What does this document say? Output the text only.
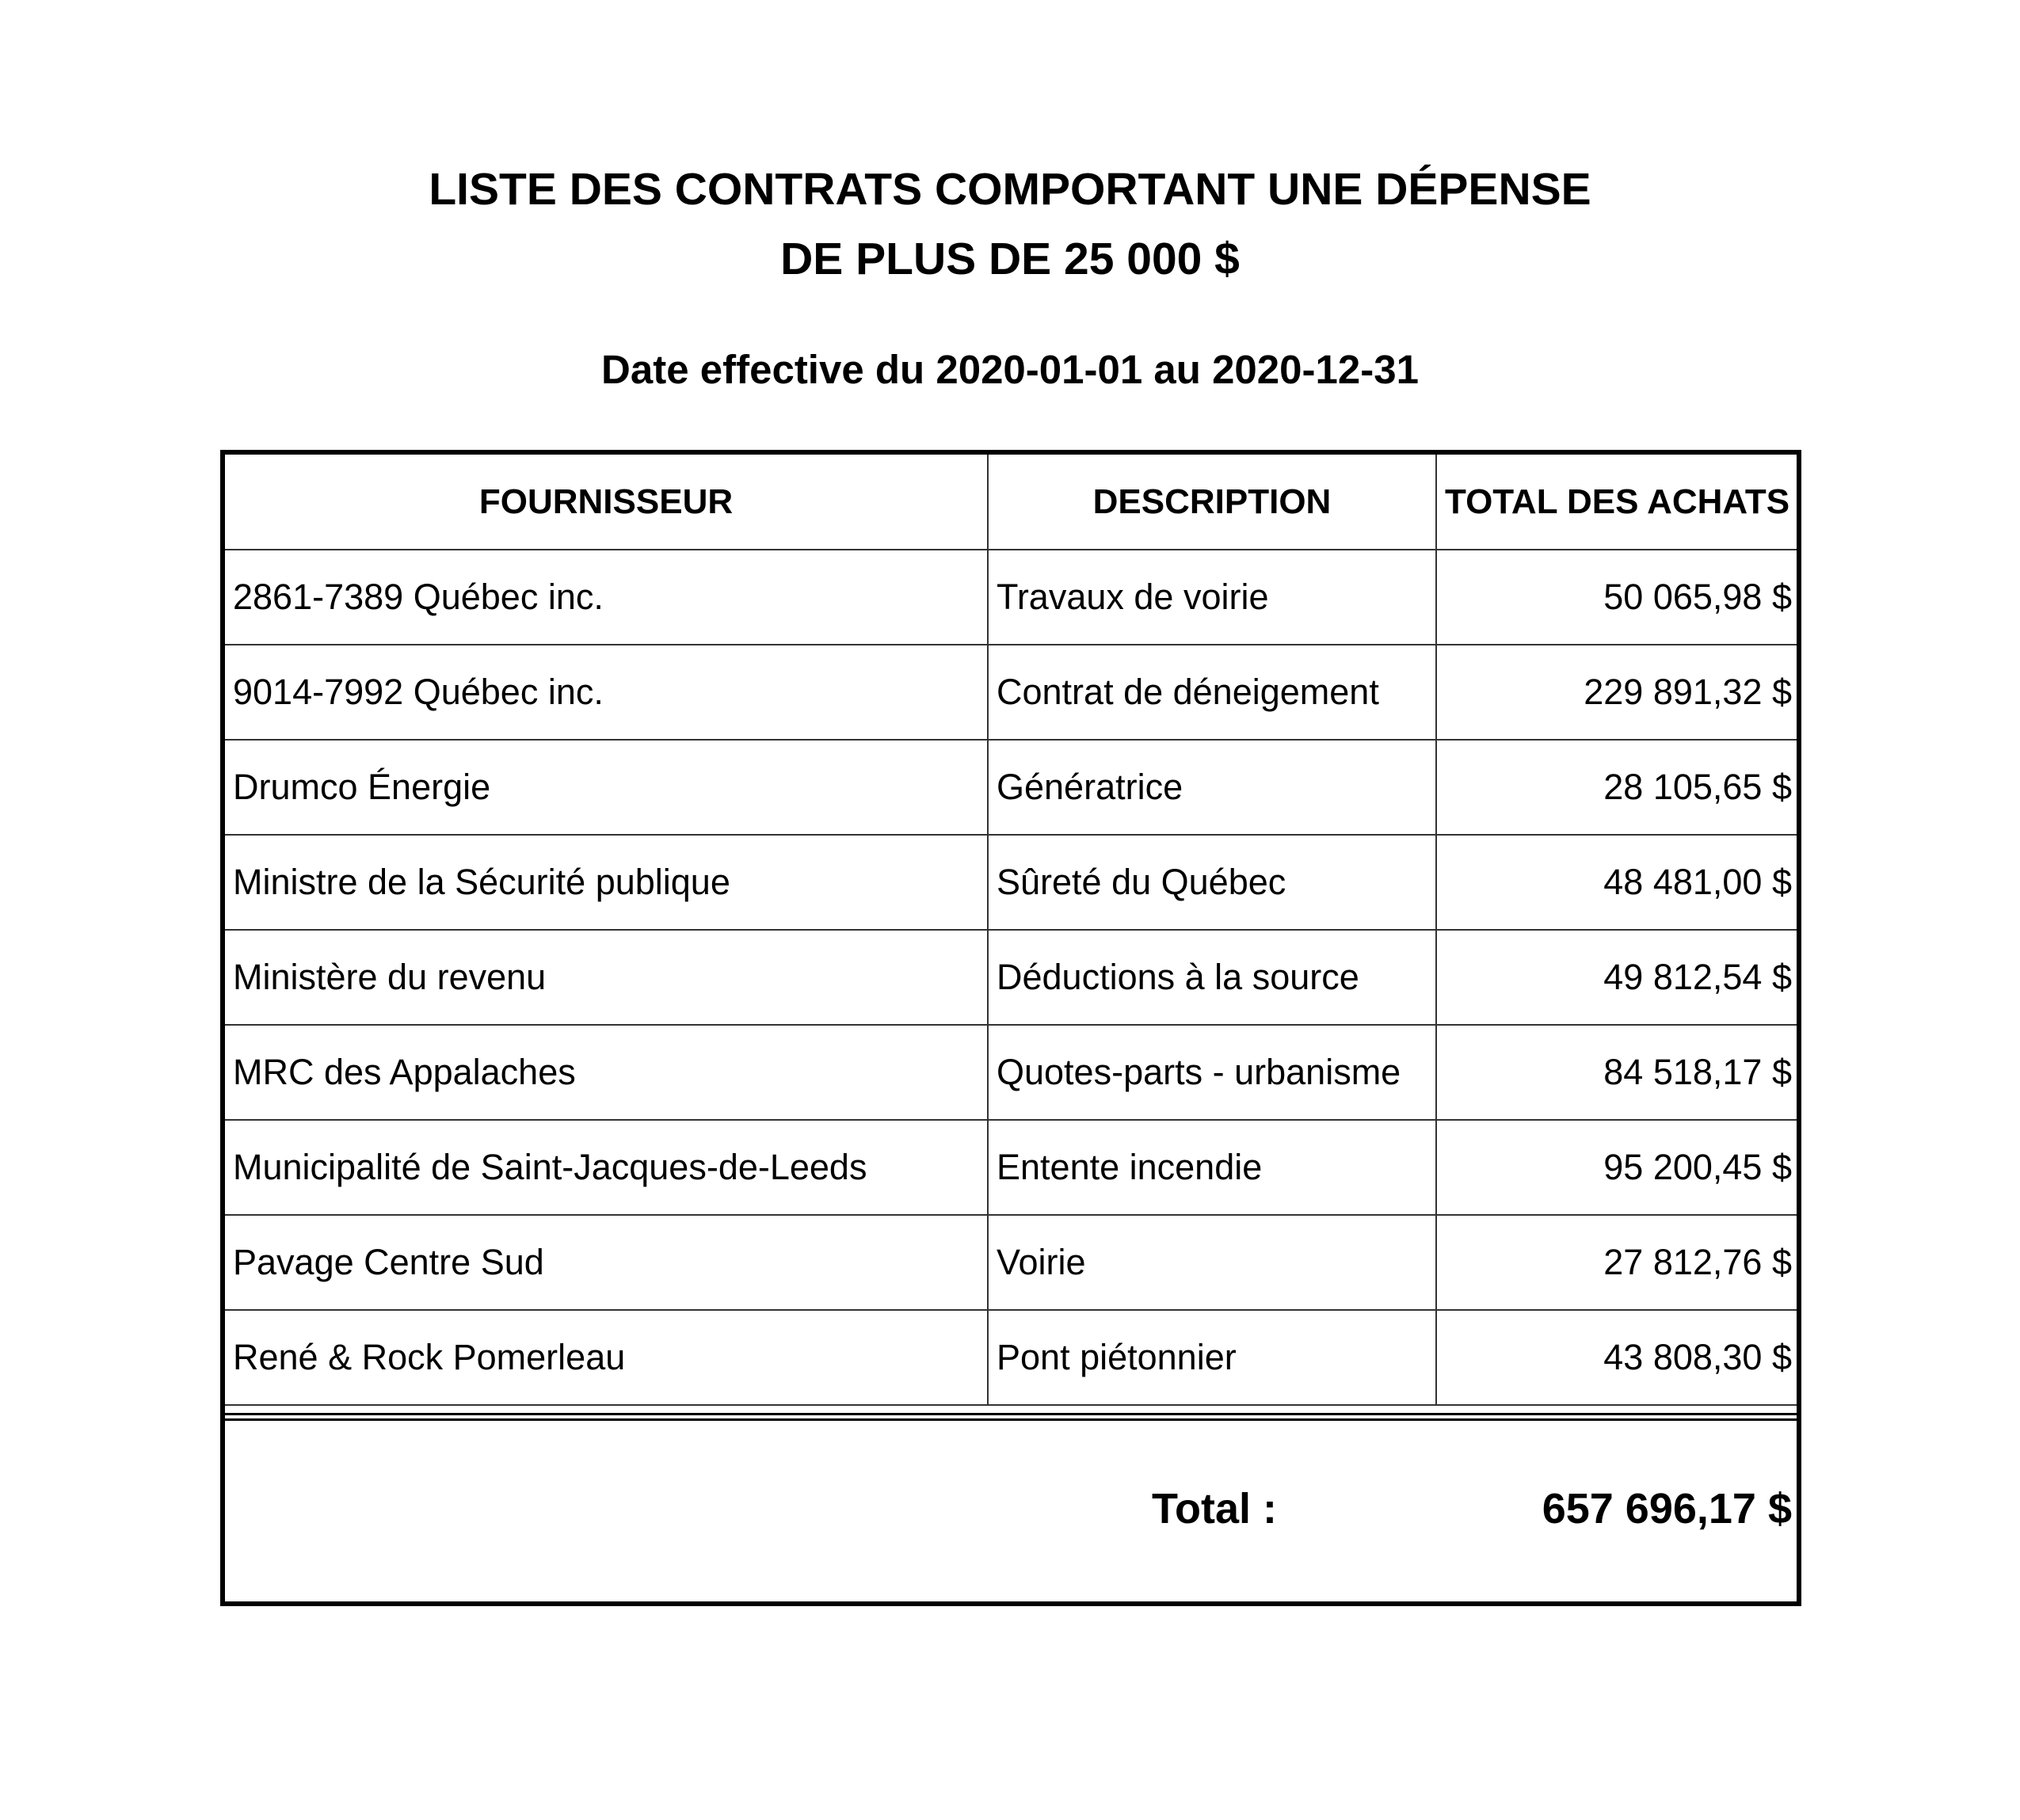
LISTE DES CONTRATS COMPORTANT UNE DÉPENSE
DE PLUS DE 25 000 $
Date effective du 2020-01-01 au 2020-12-31
FOURNISSEUR	DESCRIPTION	TOTAL DES ACHATS
2861-7389 Québec inc.	Travaux de voirie	50 065,98 $
9014-7992 Québec inc.	Contrat de déneigement	229 891,32 $
Drumco Énergie	Génératrice	28 105,65 $
Ministre de la Sécurité publique	Sûreté du Québec	48 481,00 $
Ministère du revenu	Déductions à la source	49 812,54 $
MRC des Appalaches	Quotes-parts - urbanisme	84 518,17 $
Municipalité de Saint-Jacques-de-Leeds	Entente incendie	95 200,45 $
Pavage Centre Sud	Voirie	27 812,76 $
René & Rock Pomerleau	Pont piétonnier	43 808,30 $
Total :	657 696,17 $
